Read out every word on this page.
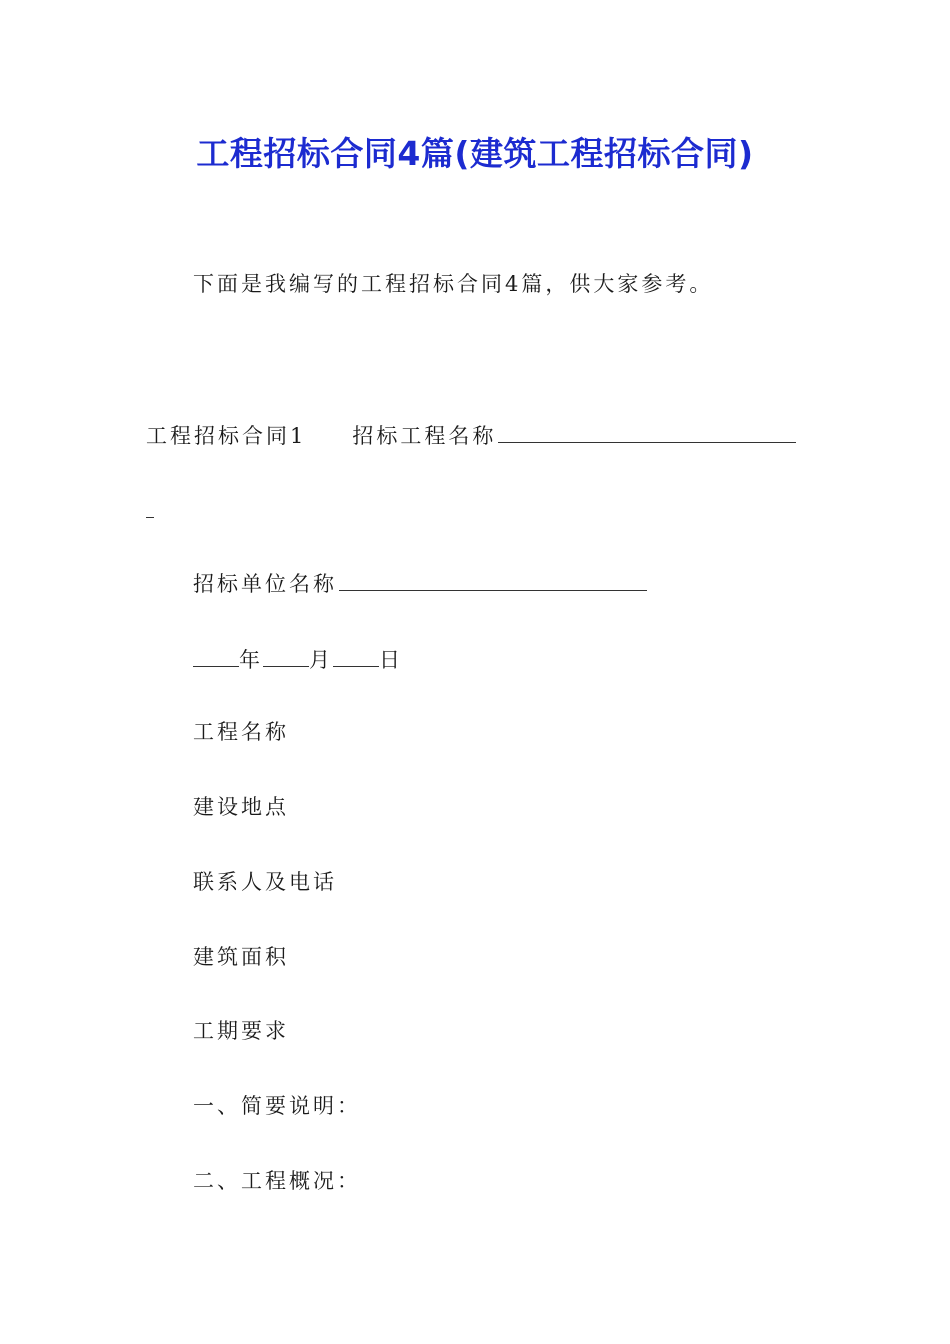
工程招标合同4篇(建筑工程招标合同)
下面是我编写的工程招标合同4篇，供大家参考。
工程招标合同1 招标工程名称
招标单位名称
年 月 日
工程名称
建设地点
联系人及电话
建筑面积
工期要求
一、简要说明：
二、工程概况：
